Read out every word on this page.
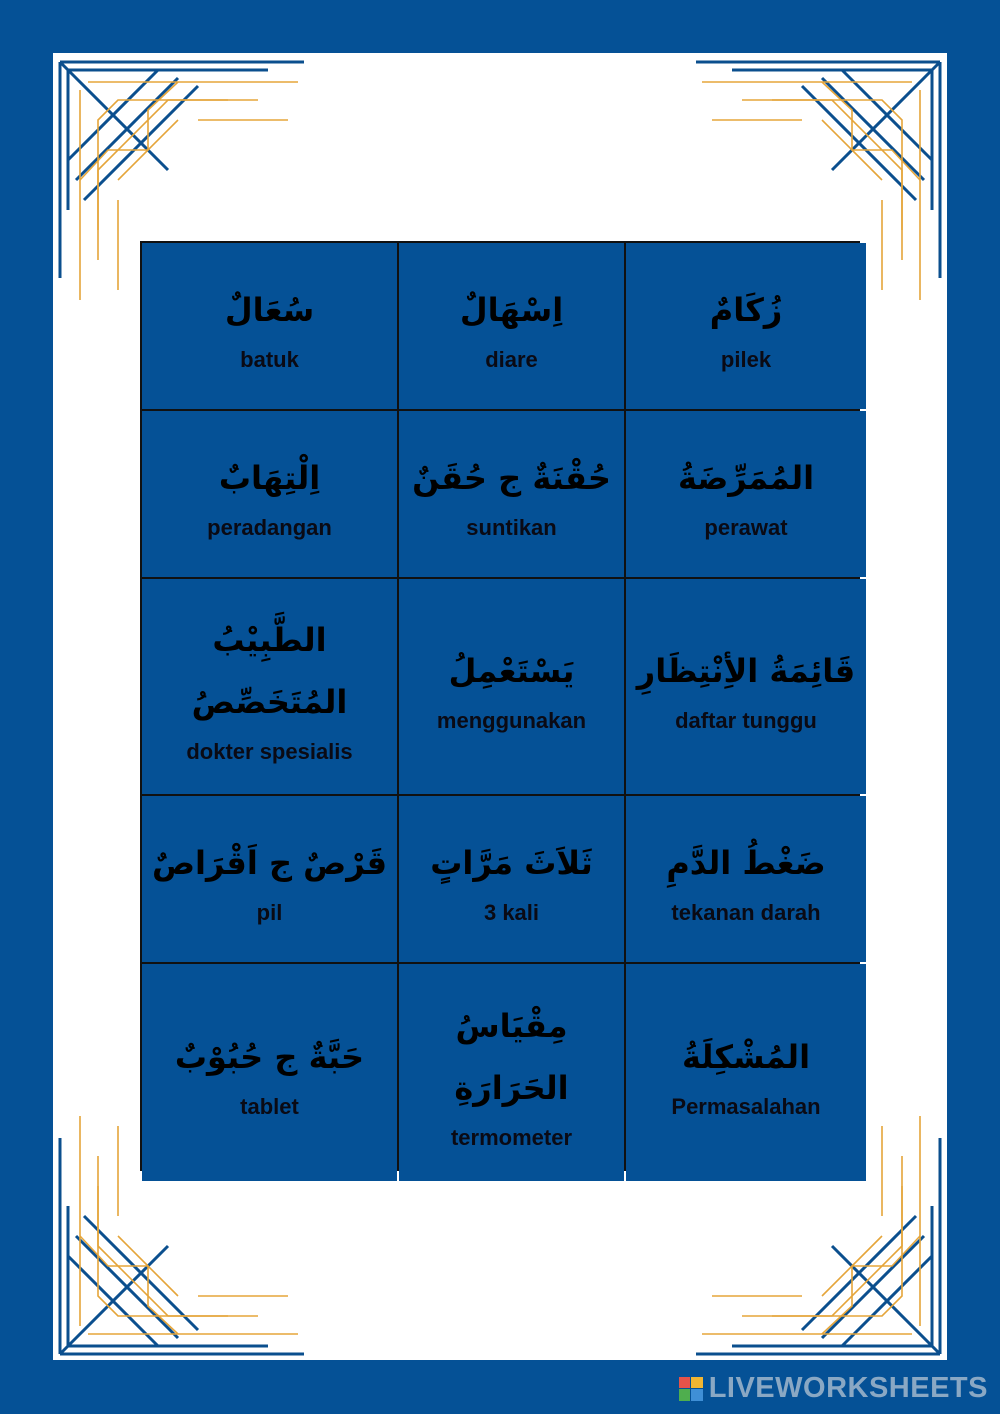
سُعَالٌ
batuk
اِسْهَالٌ
diare
زُكَامٌ
pilek
اِلْتِهَابٌ
peradangan
حُقْنَةٌ ج حُقَنٌ
suntikan
المُمَرِّضَةُ
perawat
الطَّبِيْبُ
المُتَخَصِّصُ
dokter spesialis
يَسْتَعْمِلُ
menggunakan
قَائِمَةُ الأِنْتِظَارِ
daftar tunggu
قَرْصٌ ج اَقْرَاصٌ
pil
ثَلاَثَ مَرَّاتٍ
3 kali
ضَغْطُ الدَّمِ
tekanan darah
حَبَّةٌ ج حُبُوْبٌ
tablet
مِقْيَاسُ
الحَرَارَةِ
termometer
المُشْكِلَةُ
Permasalahan
LIVEWORKSHEETS
